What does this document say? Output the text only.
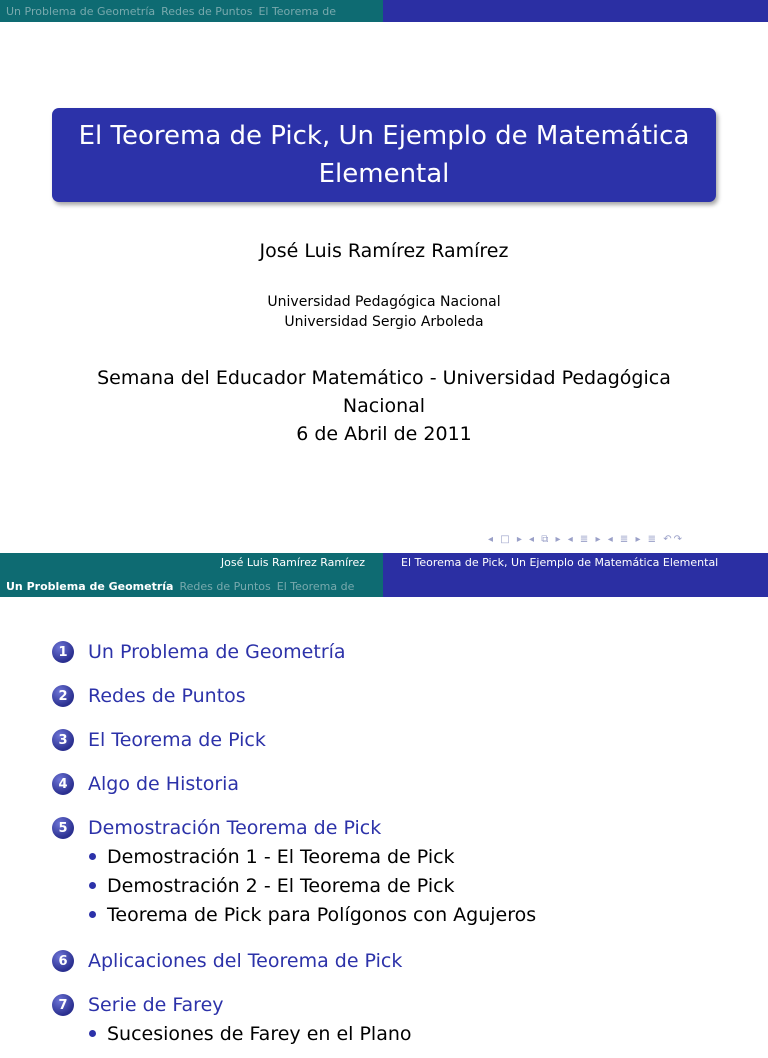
Un Problema de Geometría Redes de Puntos El Teorema de
El Teorema de Pick, Un Ejemplo de Matemática Elemental
José Luis Ramírez Ramírez
Universidad Pedagógica Nacional
Universidad Sergio Arboleda
Semana del Educador Matemático - Universidad Pedagógica Nacional
6 de Abril de 2011
◂ □ ▸ ◂ ⧉ ▸ ◂ ≣ ▸ ◂ ≣ ▸ ≣ ↶↷
José Luis Ramírez Ramírez	El Teorema de Pick, Un Ejemplo de Matemática Elemental
Un Problema de Geometría Redes de Puntos El Teorema de
1	Un Problema de Geometría
2	Redes de Puntos
3	El Teorema de Pick
4	Algo de Historia
5	Demostración Teorema de Pick
Demostración 1 - El Teorema de Pick
Demostración 2 - El Teorema de Pick
Teorema de Pick para Polígonos con Agujeros
6	Aplicaciones del Teorema de Pick
7	Serie de Farey
Sucesiones de Farey en el Plano
